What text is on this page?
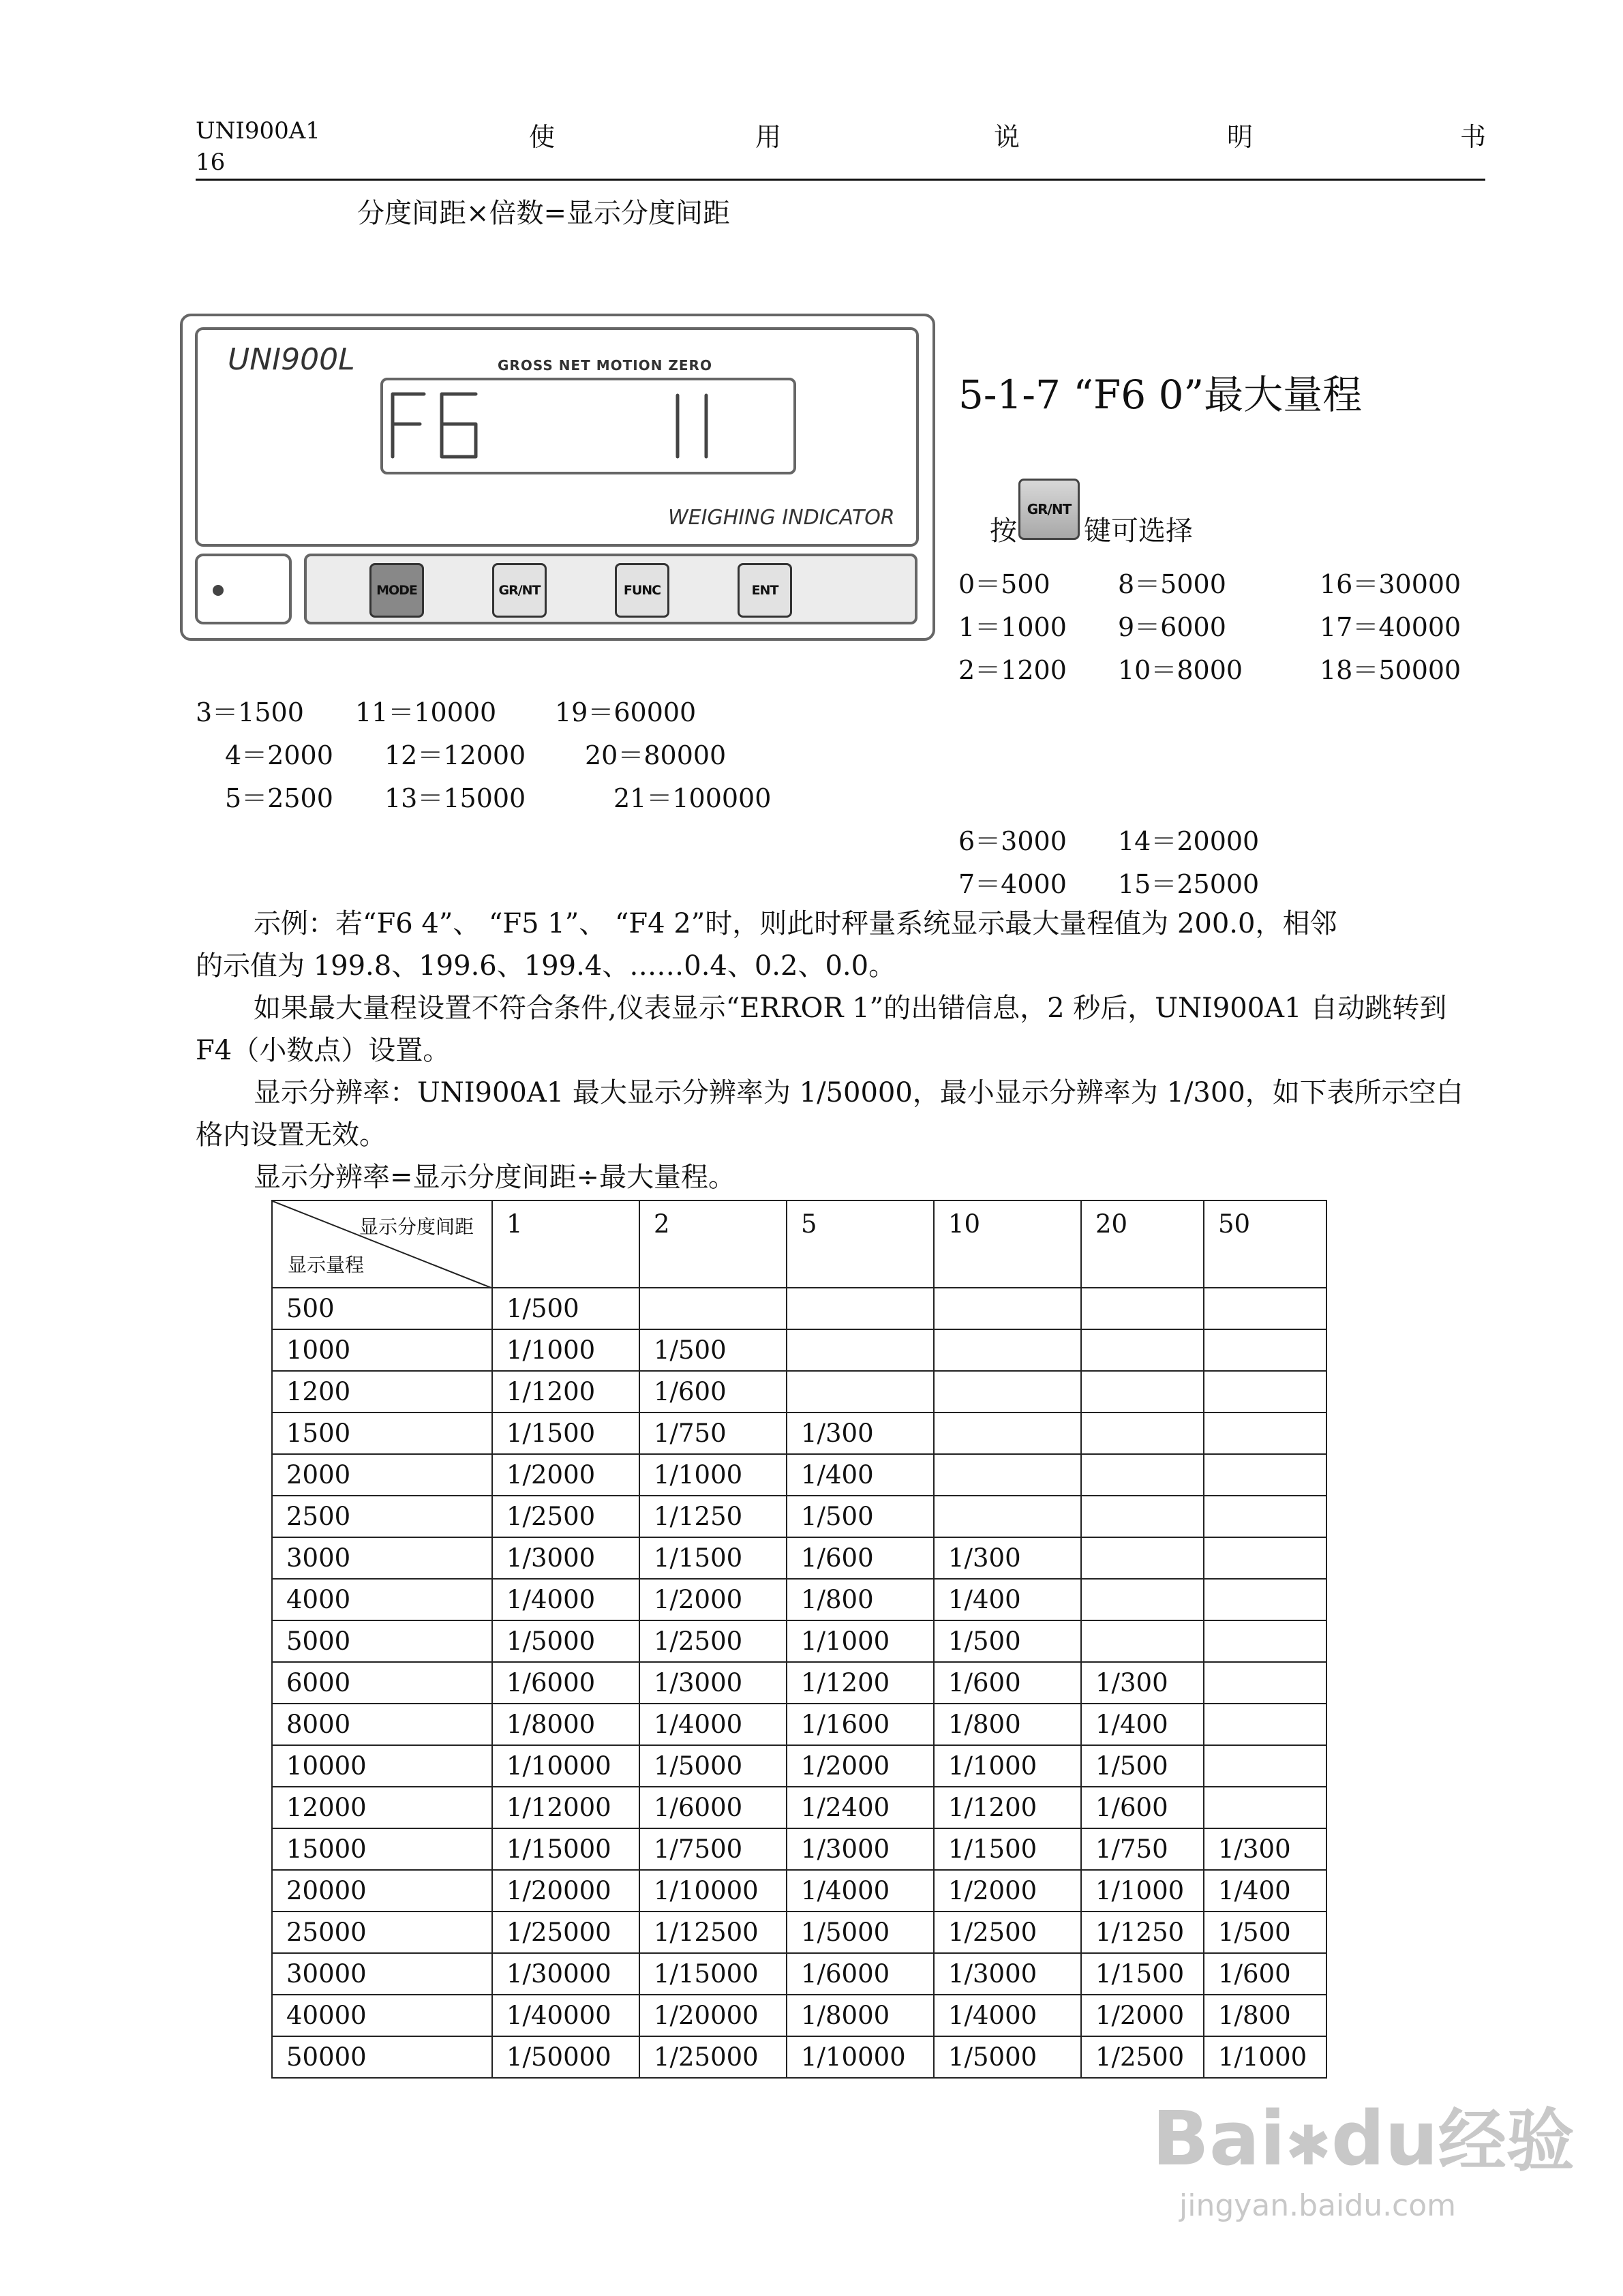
UNI900A1
16
使	用	说	明	书
分度间距×倍数=显示分度间距
UNI900L	GROSS NET MOTION ZERO
WEIGHING INDICATOR
MODE	GR/NT	FUNC	ENT
5-1-7 “F6 0”最大量程
按
GR/NT
键可选择
0＝500	8＝5000	16＝30000
1＝1000 9＝6000	17＝40000
2＝1200 10＝8000	18＝50000
3＝1500 11＝10000 19＝60000
4＝2000 12＝12000 20＝80000
5＝2500 13＝15000	21＝100000
6＝3000 14＝20000
7＝4000 15＝25000
示例：若“F6 4”、 “F5 1”、 “F4 2”时，则此时秤量系统显示最大量程值为 200.0，相邻
的示值为 199.8、199.6、199.4、……0.4、0.2、0.0。
如果最大量程设置不符合条件,仪表显示“ERROR 1”的出错信息，2 秒后，UNI900A1 自动跳转到
F4（小数点）设置。
显示分辨率：UNI900A1 最大显示分辨率为 1/50000，最小显示分辨率为 1/300，如下表所示空白
格内设置无效。
显示分辨率=显示分度间距÷最大量程。
显示分度间距
显示量程	1	2	5	10	20	50
500	1/500					
1000	1/1000	1/500				
1200	1/1200	1/600				
1500	1/1500	1/750	1/300			
2000	1/2000	1/1000	1/400			
2500	1/2500	1/1250	1/500			
3000	1/3000	1/1500	1/600	1/300		
4000	1/4000	1/2000	1/800	1/400		
5000	1/5000	1/2500	1/1000	1/500		
6000	1/6000	1/3000	1/1200	1/600	1/300	
8000	1/8000	1/4000	1/1600	1/800	1/400	
10000	1/10000	1/5000	1/2000	1/1000	1/500	
12000	1/12000	1/6000	1/2400	1/1200	1/600	
15000	1/15000	1/7500	1/3000	1/1500	1/750	1/300
20000	1/20000	1/10000	1/4000	1/2000	1/1000	1/400
25000	1/25000	1/12500	1/5000	1/2500	1/1250	1/500
30000	1/30000	1/15000	1/6000	1/3000	1/1500	1/600
40000	1/40000	1/20000	1/8000	1/4000	1/2000	1/800
50000	1/50000	1/25000	1/10000	1/5000	1/2500	1/1000
Bai✱du经验
jingyan.baidu.com
